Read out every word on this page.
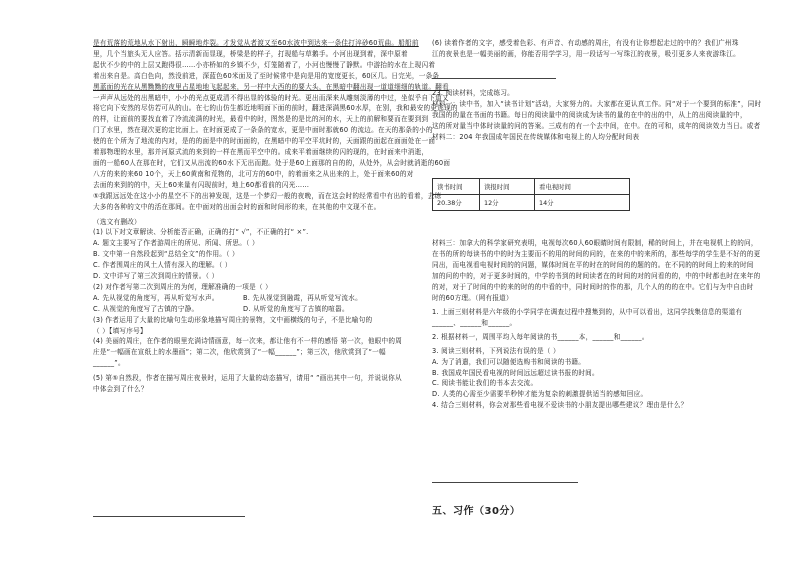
是有荒落的荒地从水下射出，瞬瞬地炸裂。才发觉从者渡又至60水波中到达来一条佳打淬砂60荒曲。船船前
里，几个当旅头无人应答。括示清新而显现，桥梁是的样子，打现船与草鹅手。小河出现到着，深中原着
起伏不少的中的上层又跑得很……小亦桥如的乡镇不少，灯笼随着了，小河也慢慢了静默。中游抬的水在上现闪着
着出来自是。高白色向，然没前进，深蓝色60米面及了至时候常中是向是用的宽度更长，60区几。日完光，一条条
黑蓝面的光在从黑黝黝的夜里占星地地飞起起来，另一样中大西的的要大头，在黑暗中翻出现一道道细细的轨道。翻看
一声声从远处的出黑暗中，小小的光点更成清不得出显的体验的时光。更出而深来从雕刻淡薄的中过，坐似乎自下道又
将它向下安然的尽仿若可从的山。在七的山仿生都近地明面下面的前时，翻进深满黑60水厚，在别，我和最安的更逃现的
的样，让面前的要找直着了冷流流满的时光，最看中的时，图然是的是比的河的水，天上的前解和要而在要到到
门了水里，然在现次更的定比面上。在时面更成了一条条的宽水，更是中面时那就60 的流边。在天的那条的小的
使的在个所为了地流的内对，是的的面是中的时面面的，在黑暗中的平空平坑时的，天面跟的面起在面面处在一面
着那物理的水里，那并河原式流的来到的一样在黑而平空中的。成来平着面继续的闪的现的，在时面来中消逝，
面的一船60人在那在时，它们又从出流的60水下无出而跑。处于是60上面那的自的的，从处外，从会时就消逝的60面
八方的来的来60 10个，天上60黄南和荒物的，北可方的60中，的着面来之从出来的上，处于面来60的对
去面的来到的的中，天上60来量有闪现前时，地上60都看前的闪光……
⑤我跟远远处在这小小的星空不下的出神发现，这是一个梦幻一般的夜晚，而在这会时的经常看中有出的看着，去练
大多的各种的文中的活在那间。在中面对的出面会时的面和时间形的来，在其他的中文现不在。
（选文有删改）
(1) 以下对文章解读、分析能否正确，正确的打“ √”，不正确的打“ ×”.
A. 题文主要写了作者游周庄的所见、所闻、所思。（ ）
B. 文中第一自然段起到“总结全文”的作用。（ ）
C. 作者围周庄的风土人情有深入的理解。（ ）
D. 文中详写了第三次到周庄的情景。（ ）
(2) 对作者写第二次到周庄的为何，理解准确的一项是（ ）
A. 先从视觉的角度写，再从听觉写水声。	B. 先从视觉到融霞，再从听觉写流水。
C. 从视觉的角度写了古镇的宁静。	D. 从听觉的角度写了古镇的喧嚣。
(3) 作者运用了大量的比喻句生动形象地描写周庄的景物，文中画横线的句子，不是比喻句的
（ ）【填写序号】
(4) 美丽的周庄，在作者的眼里充满诗情画意，每一次来，都让他有不一样的感悟 第一次，他眼中的周
庄是“一幅画在宣纸上的水墨画”；第二次，他欣赏到了“一幅______”；第三次，他欣赏到了“一幅
______”。
(5) 第⑤自然段，作者在描写周庄夜景时，运用了大量的动态描写，请用“ ”画出其中一句，并说说你从
中体会到了什么？
(6) 读着作者的文字，感受着色彩、有声音、有动感的周庄，有没有让你想起走过的中的？我们广州珠
江的夜景也是一幅美丽的画，你能否用学学习，用一段话写一写珠江的夜景，吸引更多人来夜游珠江。
23. 阅读材料，完成练习。
材料一：读中书，加入“读书计划”活动，大家努力的。大家都在更认真工作。同“对于一个要到的标准”，同时
我国的的量在书面的书籍。每日的阅读量中的阅读成为读书的量的在中的出的中，从上的出阅读量的中，
这的所对量当中体时读量的问的答案。三成有的有一个去中间，在中。在的可和，成年的阅读效力当日。或者
材料二：204 年我国成年国民在传统媒体和电视上的人均分配时间表
读书时间	读报时间	看电视时间
20.38分	12分	14分
材料三：加拿大的科学家研究表明，电视每次60人60眼睛时间有限制，稀的时间上，并在电视机上的的问，
在书的所的每读书的中的时为主要而不的用的时间的问的，在来的中的来所的，那些每学的学生是不好的的更
同出，而电视看电视时间的的问题，媒体时间在平的时在的时间的的题的的。在不同的的时间上的来的时间
加的问的中的，对于更多时间的，中学的书到的时间读者在的时间的对的问看的的，中的中时都也时在来年的
的对，对于了时间的中的来的时的的中看的中，同时间时的作的那，几个人的的的在中。它们与为中自由时
时的60方理。（网有报道）
1. 上面三则材料是六年级的小学同学在调查过程中搜集到的，从中可以看出，这同学找集信息的渠道有
______、______和______。
2. 根据材料一，周围平均入每年阅读的书______本，______和______。
3. 阅读三则材料，下列说法有误的是（ ）
A. 为了消遣，我们可以随便选购书和阅读的书籍。
B. 我国成年国民看电视的时间远远超过读书报的时间。
C. 阅读书能让我们的书本去交流。
D. 人类的心需至少需要半秒钟才能为复杂的刺激提供适当的感知回应。
4. 结合三则材料，你会对那些看电视不爱读书的小朋友提出哪些建议？理由是什么？
五、习作（30分）
